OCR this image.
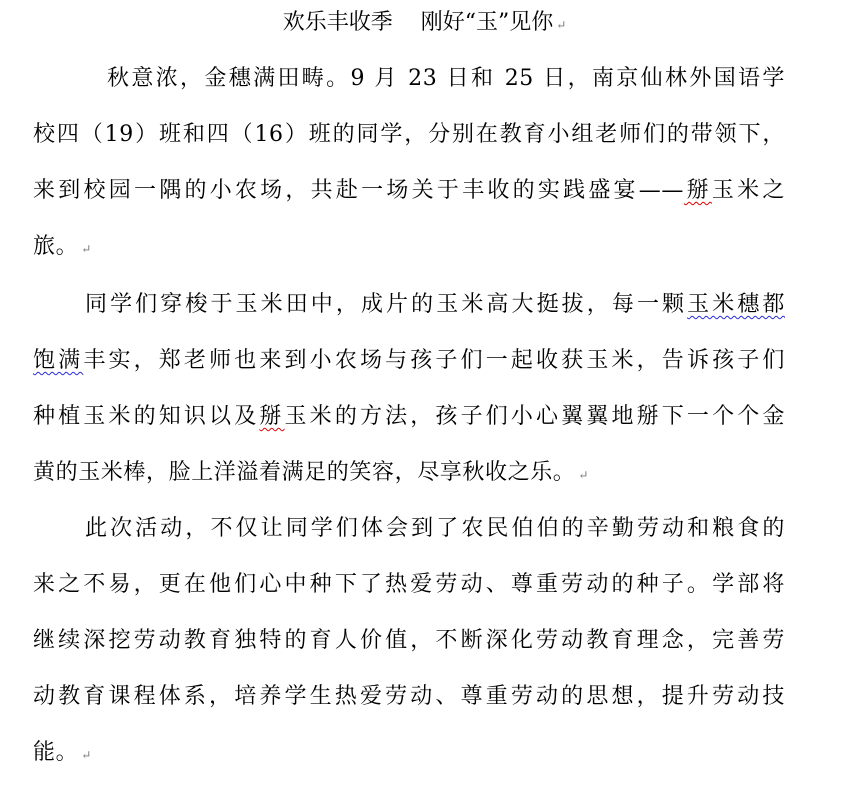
欢乐丰收季 刚好“玉”见你 ↵
秋意浓，金穗满田畴。9 月 23 日和 25 日，南京仙林外国语学
校四（19）班和四（16）班的同学，分别在教育小组老师们的带领下，
来到校园一隅的小农场，共赴一场关于丰收的实践盛宴——掰玉米之
旅。 ↵
同学们穿梭于玉米田中，成片的玉米高大挺拔，每一颗玉米穗都
饱满丰实，郑老师也来到小农场与孩子们一起收获玉米，告诉孩子们
种植玉米的知识以及掰玉米的方法，孩子们小心翼翼地掰下一个个金
黄的玉米棒，脸上洋溢着满足的笑容，尽享秋收之乐。 ↵
此次活动，不仅让同学们体会到了农民伯伯的辛勤劳动和粮食的
来之不易，更在他们心中种下了热爱劳动、尊重劳动的种子。学部将
继续深挖劳动教育独特的育人价值，不断深化劳动教育理念，完善劳
动教育课程体系，培养学生热爱劳动、尊重劳动的思想，提升劳动技
能。 ↵
